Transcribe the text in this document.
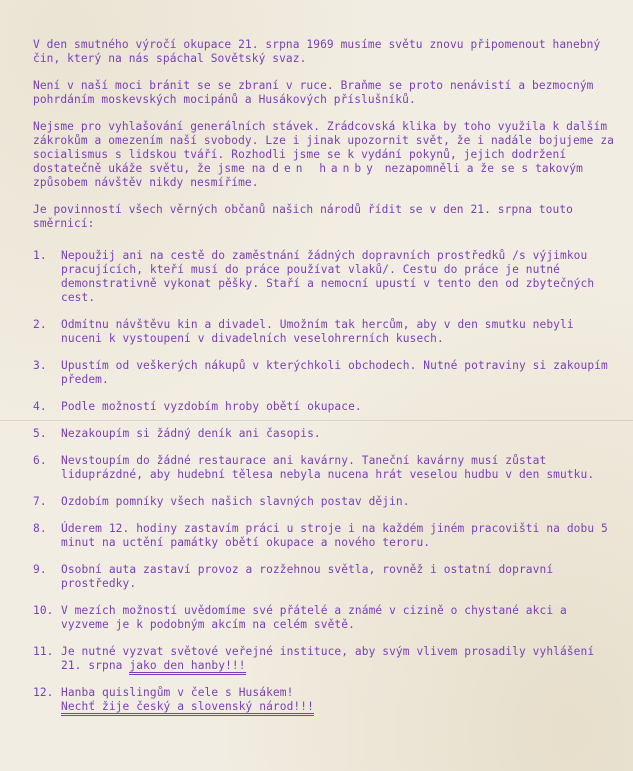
V den smutného výročí okupace 21. srpna 1969 musíme světu znovu připomenout hanebný čin, který na nás spáchal Sovětský svaz.

Není v naší moci bránit se se zbraní v ruce. Braňme se proto nenávistí a bezmocným pohrdáním moskevských mocipánů a Husákových příslušníků.

Nejsme pro vyhlašování generálních stávek. Zrádcovská klika by toho využila k dalším zákrokům a omezením naší svobody. Lze i jinak upozornit svět, že i nadále bojujeme za socialismus s lidskou tváří. Rozhodli jsme se k vydání pokynů, jejich dodržení dostatečně ukáže světu, že jsme na den hanby nezapomněli a že se s takovým způsobem návštěv nikdy nesmíříme.

Je povinností všech věrných občanů našich národů řídit se v den 21. srpna touto směrnicí:

1.	Nepoužij ani na cestě do zaměstnání žádných dopravních prostředků /s výjimkou pracujících, kteří musí do práce používat vlaků/. Cestu do práce je nutné demonstrativně vykonat pěšky. Staří a nemocní upustí v tento den od zbytečných cest.
2.	Odmítnu návštěvu kin a divadel. Umožním tak hercům, aby v den smutku nebyli nuceni k vystoupení v divadelních veselohrerních kusech.
3.	Upustím od veškerých nákupů v kterýchkoli obchodech. Nutné potraviny si zakoupím předem.
4.	Podle možností vyzdobím hroby obětí okupace.
5.	Nezakoupím si žádný deník ani časopis.
6.	Nevstoupím do žádné restaurace ani kavárny. Taneční kavárny musí zůstat liduprázdné, aby hudební tělesa nebyla nucena hrát veselou hudbu v den smutku.
7.	Ozdobím pomníky všech našich slavných postav dějin.
8.	Úderem 12. hodiny zastavím práci u stroje i na každém jiném pracovišti na dobu 5 minut na uctění památky obětí okupace a nového teroru.
9.	Osobní auta zastaví provoz a rozžehnou světla, rovněž i ostatní dopravní prostředky.
10. V mezích možností uvědomíme své přátelé a známé v cizině o chystané akci a vyzveme je k podobným akcím na celém světě.
11. Je nutné vyzvat světové veřejné instituce, aby svým vlivem prosadily vyhlášení 21. srpna jako den hanby!!!
12. Hanba quislingům v čele s Husákem!
Nechť žije český a slovenský národ!!!
